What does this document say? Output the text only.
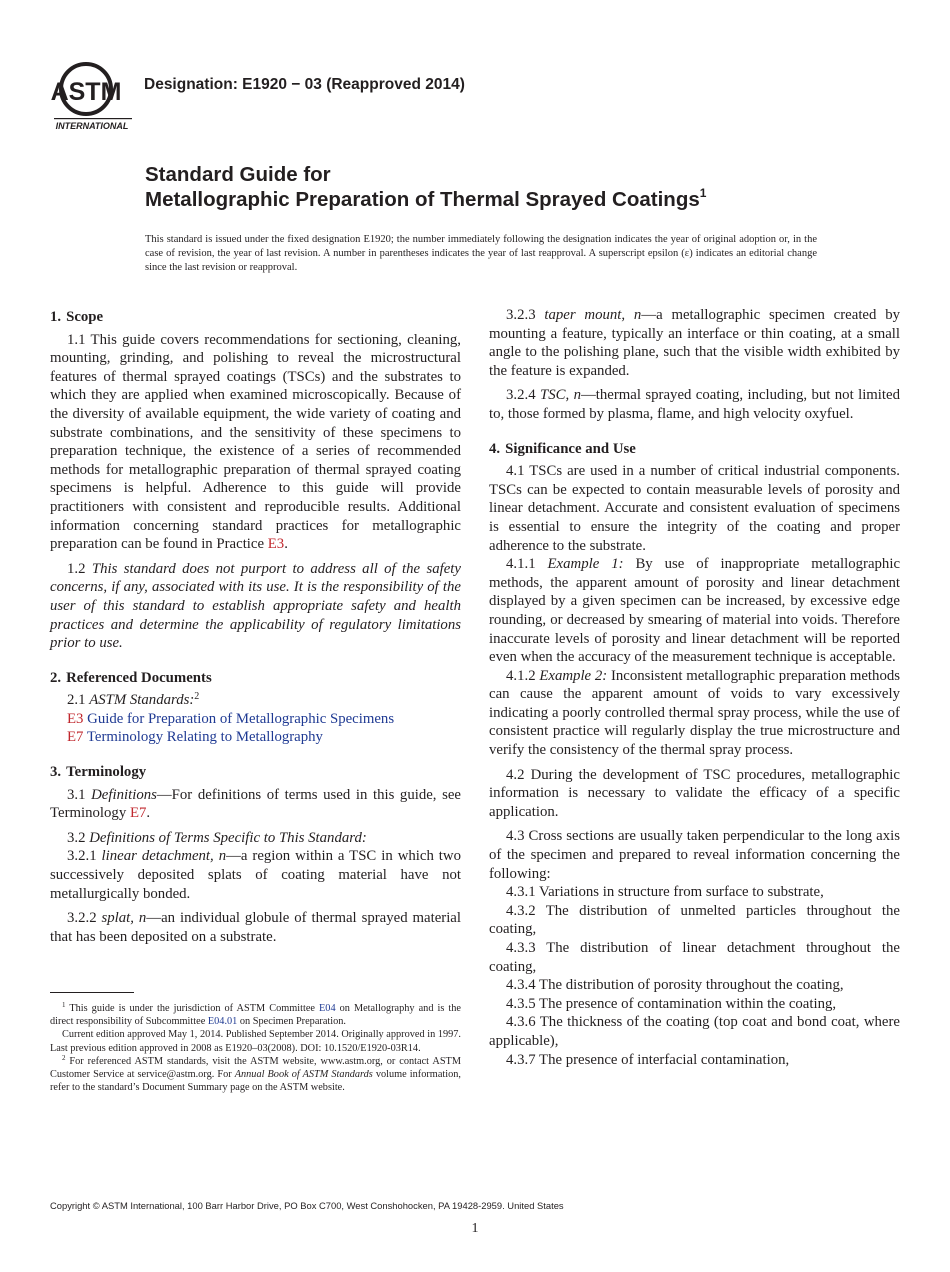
ASTM
INTERNATIONAL
Designation: E1920 − 03 (Reapproved 2014)
Standard Guide for
Metallographic Preparation of Thermal Sprayed Coatings$^1$
This standard is issued under the fixed designation E1920; the number immediately following the designation indicates the year of original adoption or, in the case of revision, the year of last revision. A number in parentheses indicates the year of last reapproval. A superscript epsilon (ε) indicates an editorial change since the last revision or reapproval.
1. Scope

1.1 This guide covers recommendations for sectioning, cleaning, mounting, grinding, and polishing to reveal the microstructural features of thermal sprayed coatings (TSCs) and the substrates to which they are applied when examined microscopically. Because of the diversity of available equipment, the wide variety of coating and substrate combinations, and the sensitivity of these specimens to preparation technique, the existence of a series of recommended methods for metallographic preparation of thermal sprayed coating specimens is helpful. Adherence to this guide will provide practitioners with consistent and reproducible results. Additional information concerning standard practices for metallographic preparation can be found in Practice E3.

1.2 This standard does not purport to address all of the safety concerns, if any, associated with its use. It is the responsibility of the user of this standard to establish appropriate safety and health practices and determine the applicability of regulatory limitations prior to use.

2. Referenced Documents

2.1 ASTM Standards:$^2$

E3 Guide for Preparation of Metallographic Specimens

E7 Terminology Relating to Metallography

3. Terminology

3.1 Definitions—For definitions of terms used in this guide, see Terminology E7.

3.2 Definitions of Terms Specific to This Standard:

3.2.1 linear detachment, n—a region within a TSC in which two successively deposited splats of coating material have not metallurgically bonded.

3.2.2 splat, n—an individual globule of thermal sprayed material that has been deposited on a substrate.

3.2.3 taper mount, n—a metallographic specimen created by mounting a feature, typically an interface or thin coating, at a small angle to the polishing plane, such that the visible width exhibited by the feature is expanded.

3.2.4 TSC, n—thermal sprayed coating, including, but not limited to, those formed by plasma, flame, and high velocity oxyfuel.

4. Significance and Use

4.1 TSCs are used in a number of critical industrial components. TSCs can be expected to contain measurable levels of porosity and linear detachment. Accurate and consistent evaluation of specimens is essential to ensure the integrity of the coating and proper adherence to the substrate.

4.1.1 Example 1: By use of inappropriate metallographic methods, the apparent amount of porosity and linear detachment displayed by a given specimen can be increased, by excessive edge rounding, or decreased by smearing of material into voids. Therefore inaccurate levels of porosity and linear detachment will be reported even when the accuracy of the measurement technique is acceptable.

4.1.2 Example 2: Inconsistent metallographic preparation methods can cause the apparent amount of voids to vary excessively indicating a poorly controlled thermal spray process, while the use of consistent practice will regularly display the true microstructure and verify the consistency of the thermal spray process.

4.2 During the development of TSC procedures, metallographic information is necessary to validate the efficacy of a specific application.

4.3 Cross sections are usually taken perpendicular to the long axis of the specimen and prepared to reveal information concerning the following:

4.3.1 Variations in structure from surface to substrate,

4.3.2 The distribution of unmelted particles throughout the coating,

4.3.3 The distribution of linear detachment throughout the coating,

4.3.4 The distribution of porosity throughout the coating,

4.3.5 The presence of contamination within the coating,

4.3.6 The thickness of the coating (top coat and bond coat, where applicable),

4.3.7 The presence of interfacial contamination,

$^1$ This guide is under the jurisdiction of ASTM Committee E04 on Metallography and is the direct responsibility of Subcommittee E04.01 on Specimen Preparation.

Current edition approved May 1, 2014. Published September 2014. Originally approved in 1997. Last previous edition approved in 2008 as E1920–03(2008). DOI: 10.1520/E1920-03R14.

$^2$ For referenced ASTM standards, visit the ASTM website, www.astm.org, or contact ASTM Customer Service at service@astm.org. For Annual Book of ASTM Standards volume information, refer to the standard’s Document Summary page on the ASTM website.

Copyright © ASTM International, 100 Barr Harbor Drive, PO Box C700, West Conshohocken, PA 19428-2959. United States
1
